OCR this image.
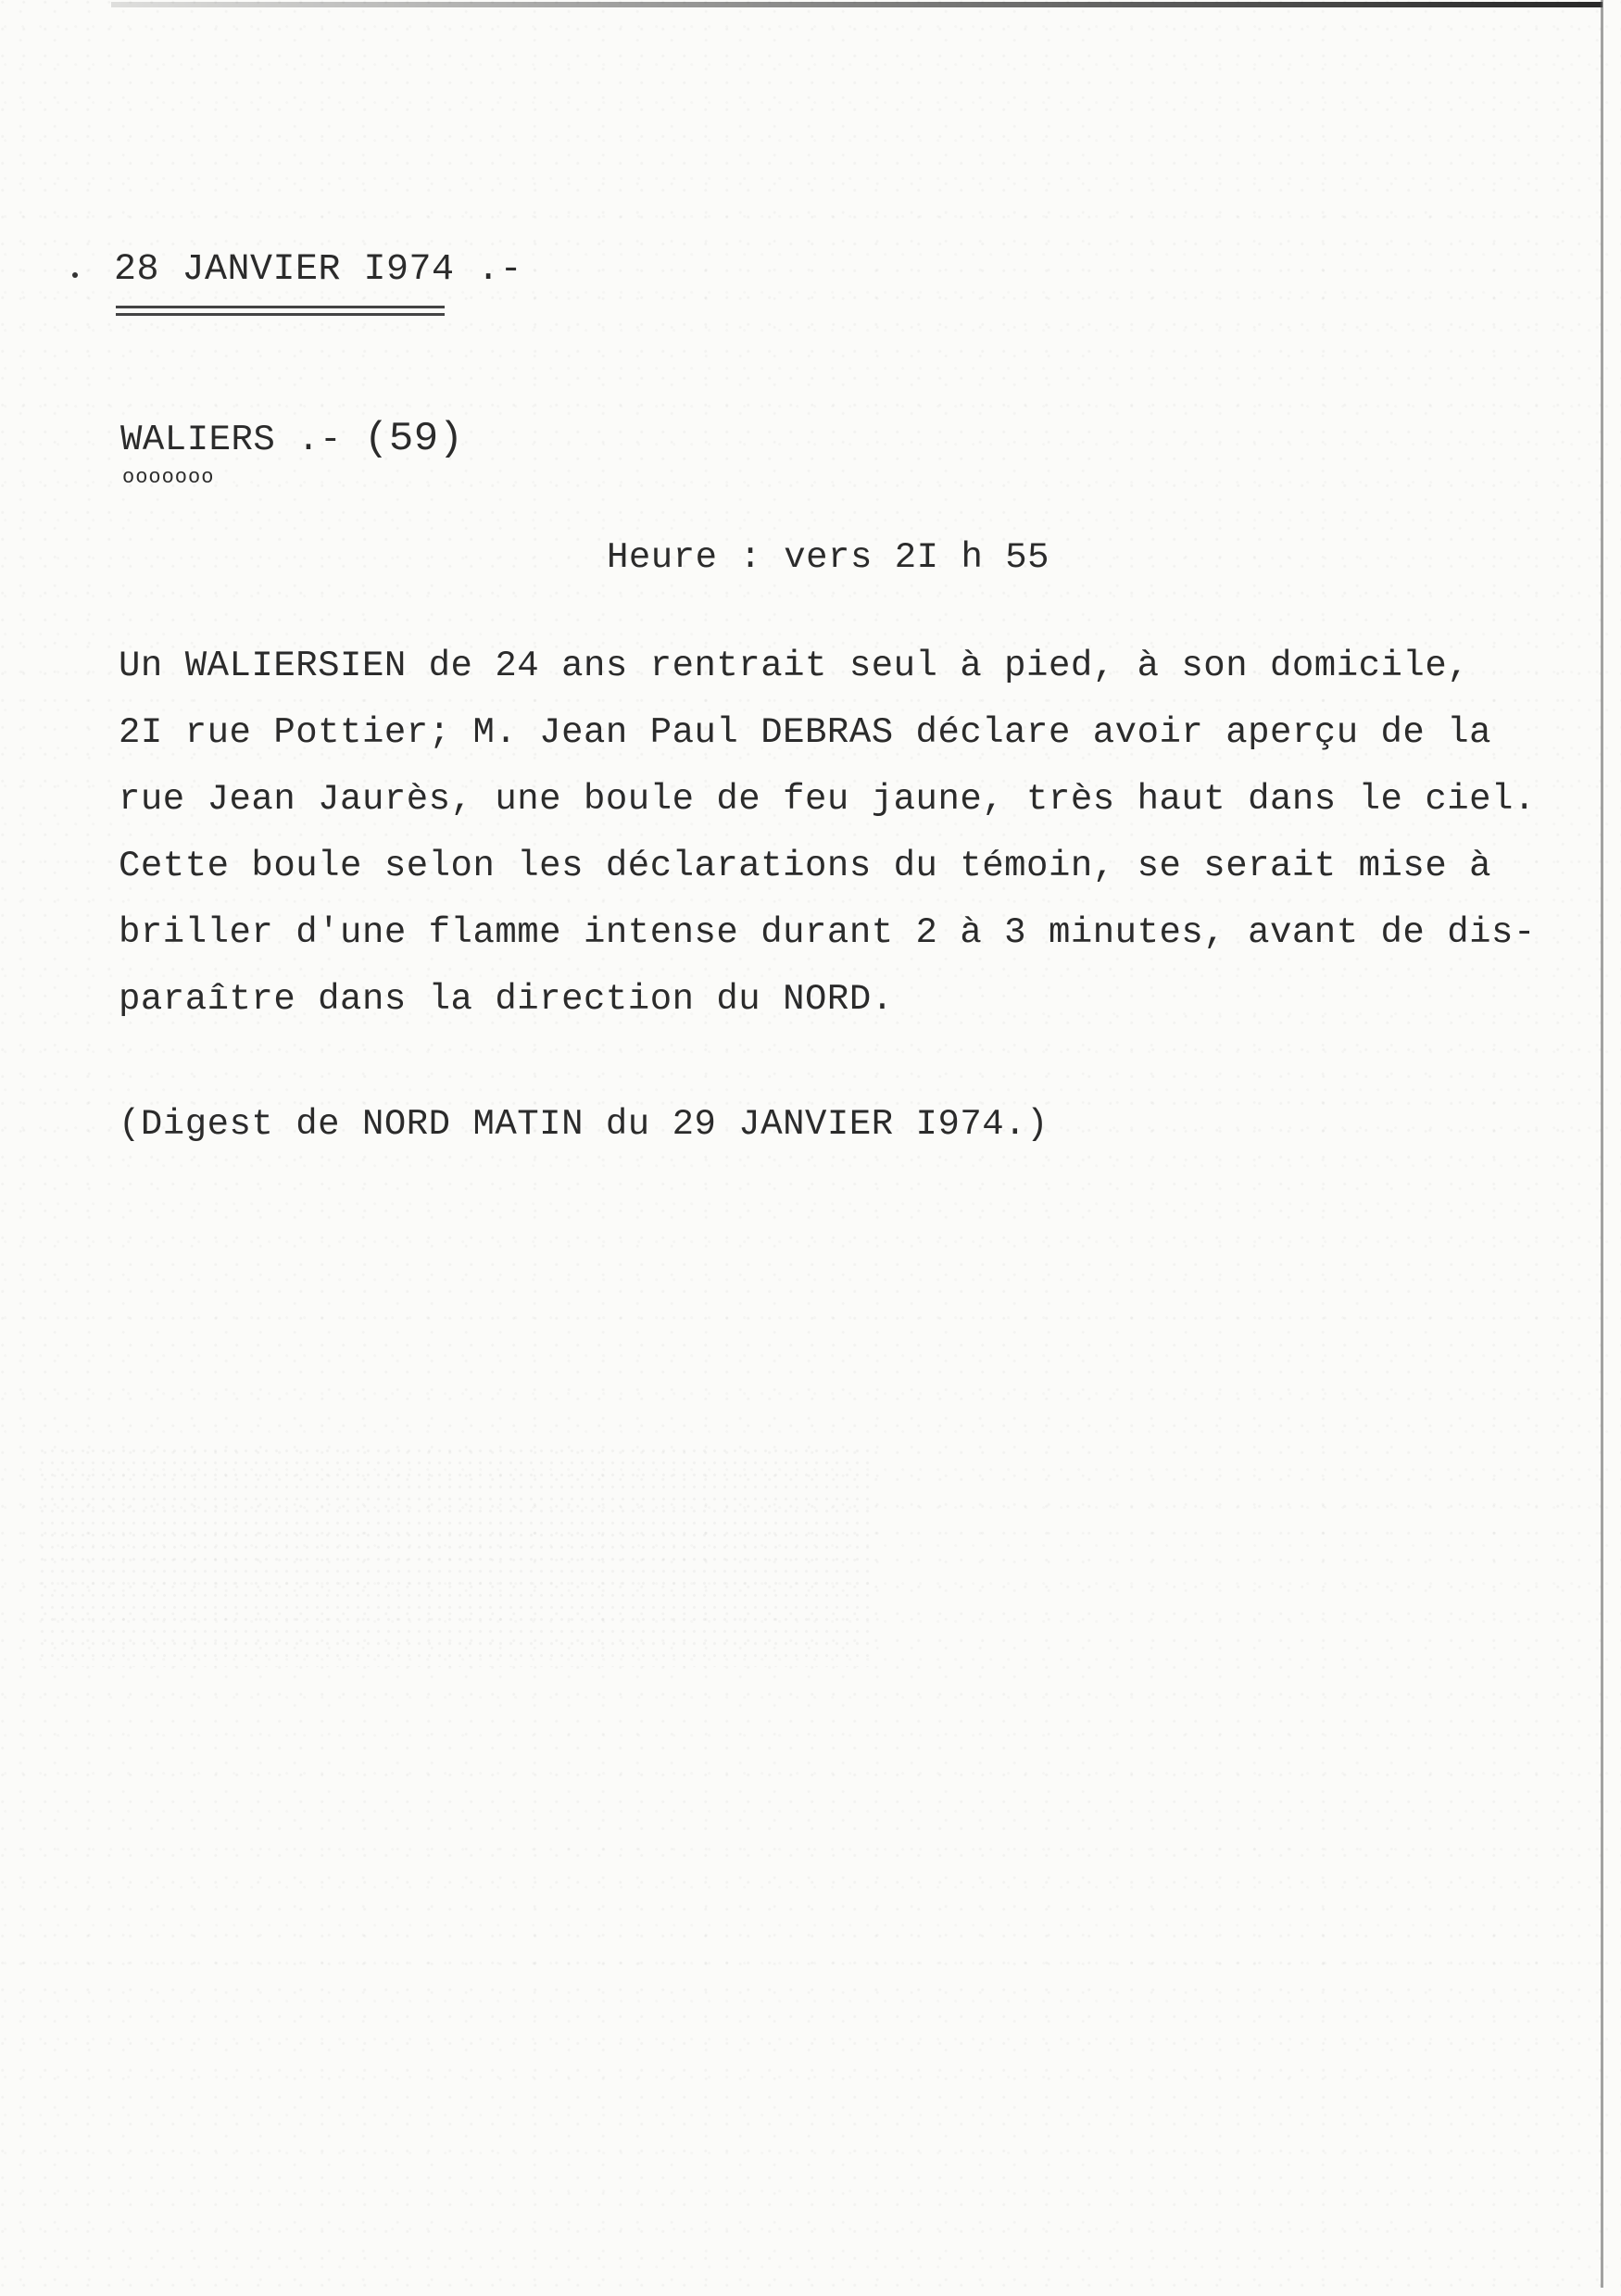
28 JANVIER I974 .-
WALIERS .- (59)
ooooooo
Heure : vers 2I h 55
Un WALIERSIEN de 24 ans rentrait seul à pied, à son domicile,
2I rue Pottier; M. Jean Paul DEBRAS déclare avoir aperçu de la
rue Jean Jaurès, une boule de feu jaune, très haut dans le ciel.
Cette boule selon les déclarations du témoin, se serait mise à
briller d'une flamme intense durant 2 à 3 minutes, avant de dis-
paraître dans la direction du NORD.
(Digest de NORD MATIN du 29 JANVIER I974.)
